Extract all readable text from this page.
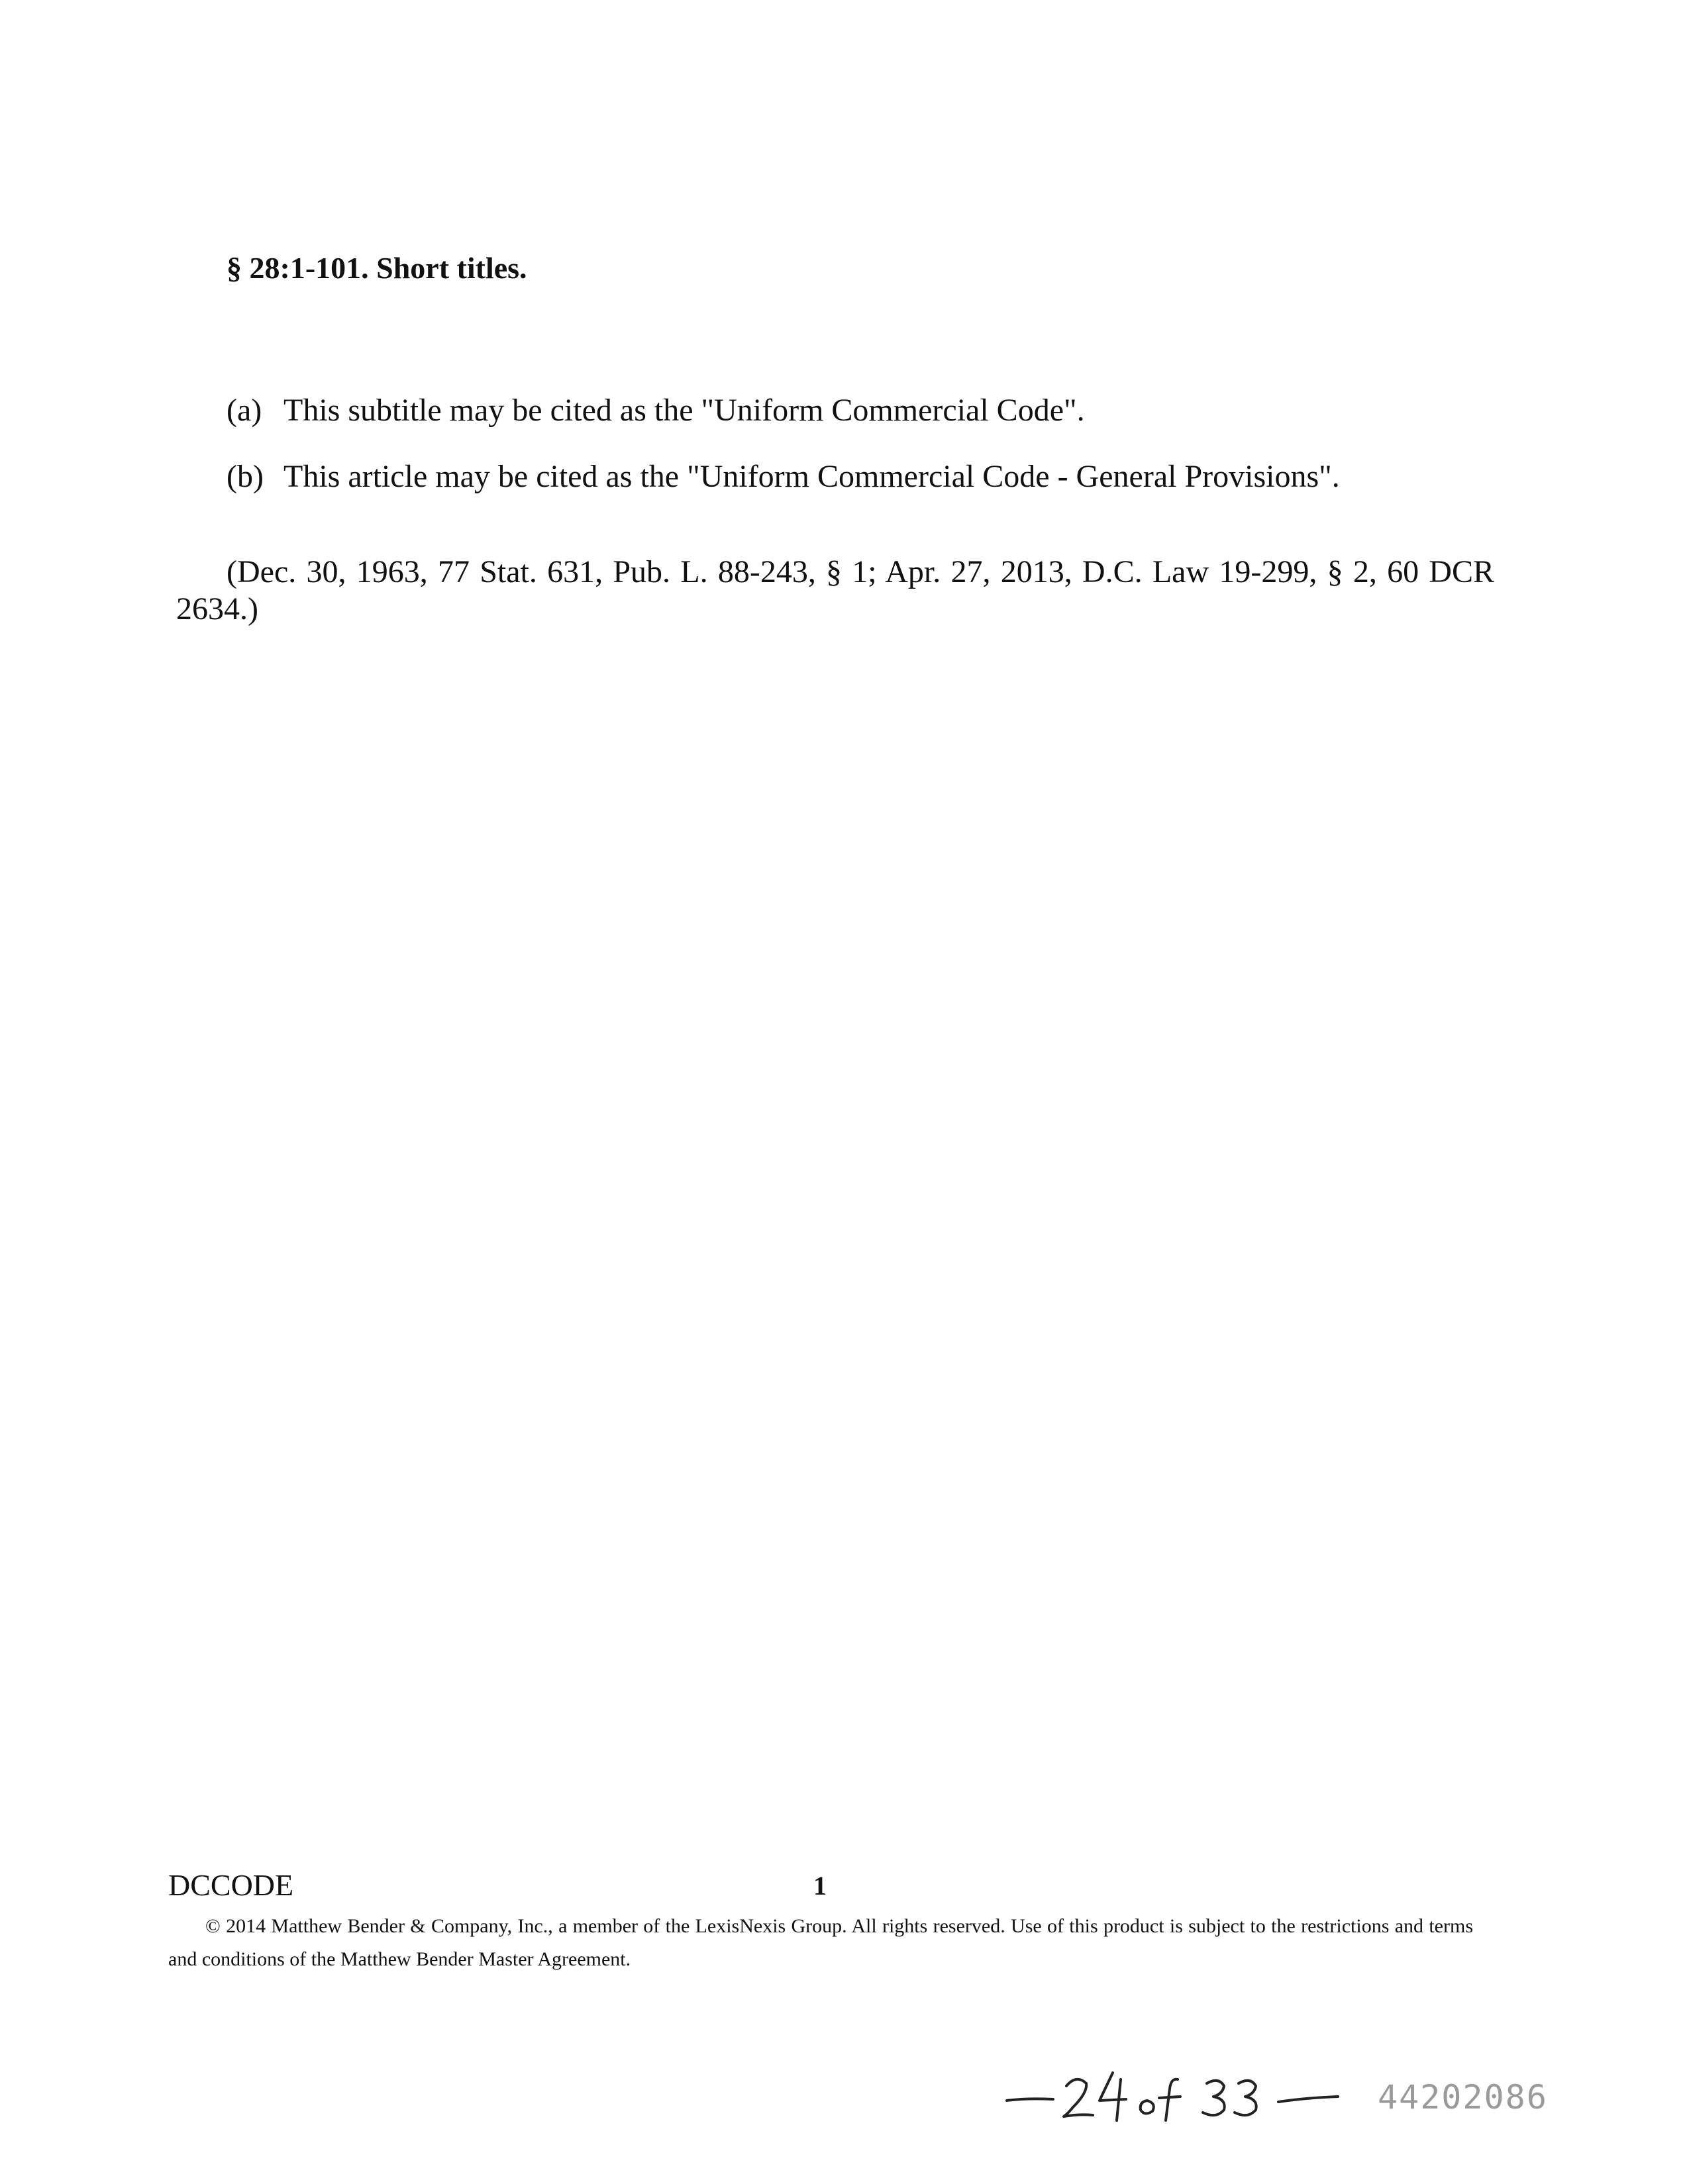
§ 28:1-101. Short titles.

(a) This subtitle may be cited as the "Uniform Commercial Code".

(b) This article may be cited as the "Uniform Commercial Code - General Provisions".

(Dec. 30, 1963, 77 Stat. 631, Pub. L. 88-243, § 1; Apr. 27, 2013, D.C. Law 19-299, § 2, 60 DCR 2634.)

DCCODE	1

© 2014 Matthew Bender & Company, Inc., a member of the LexisNexis Group. All rights reserved. Use of this product is subject to the restrictions and terms and conditions of the Matthew Bender Master Agreement.

44202086
